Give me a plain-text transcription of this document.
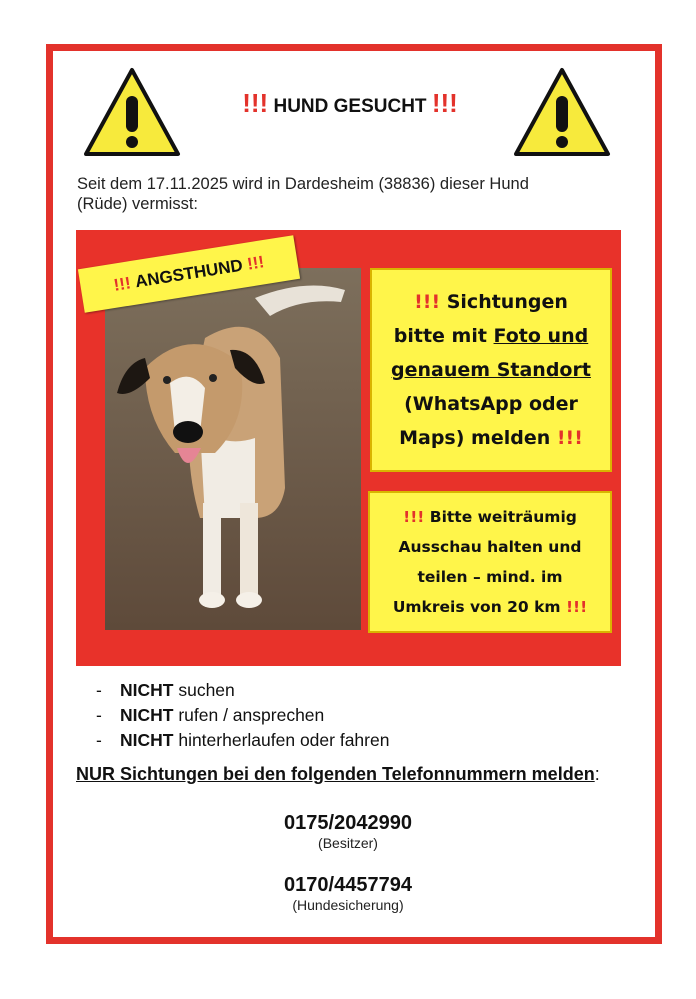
!!! HUND GESUCHT !!!
Seit dem 17.11.2025 wird in Dardesheim (38836) dieser Hund
(Rüde) vermisst:
!!!
ANGSTHUND
!!!
!!! Sichtungen
bitte mit Foto und
genauem Standort
(WhatsApp oder
Maps) melden !!!
!!! Bitte weiträumig
Ausschau halten und
teilen – mind. im
Umkreis von 20 km !!!
- NICHT suchen
- NICHT rufen / ansprechen
- NICHT hinterherlaufen oder fahren
NUR Sichtungen bei den folgenden Telefonnummern melden:
0175/2042990
(Besitzer)
0170/4457794
(Hundesicherung)
